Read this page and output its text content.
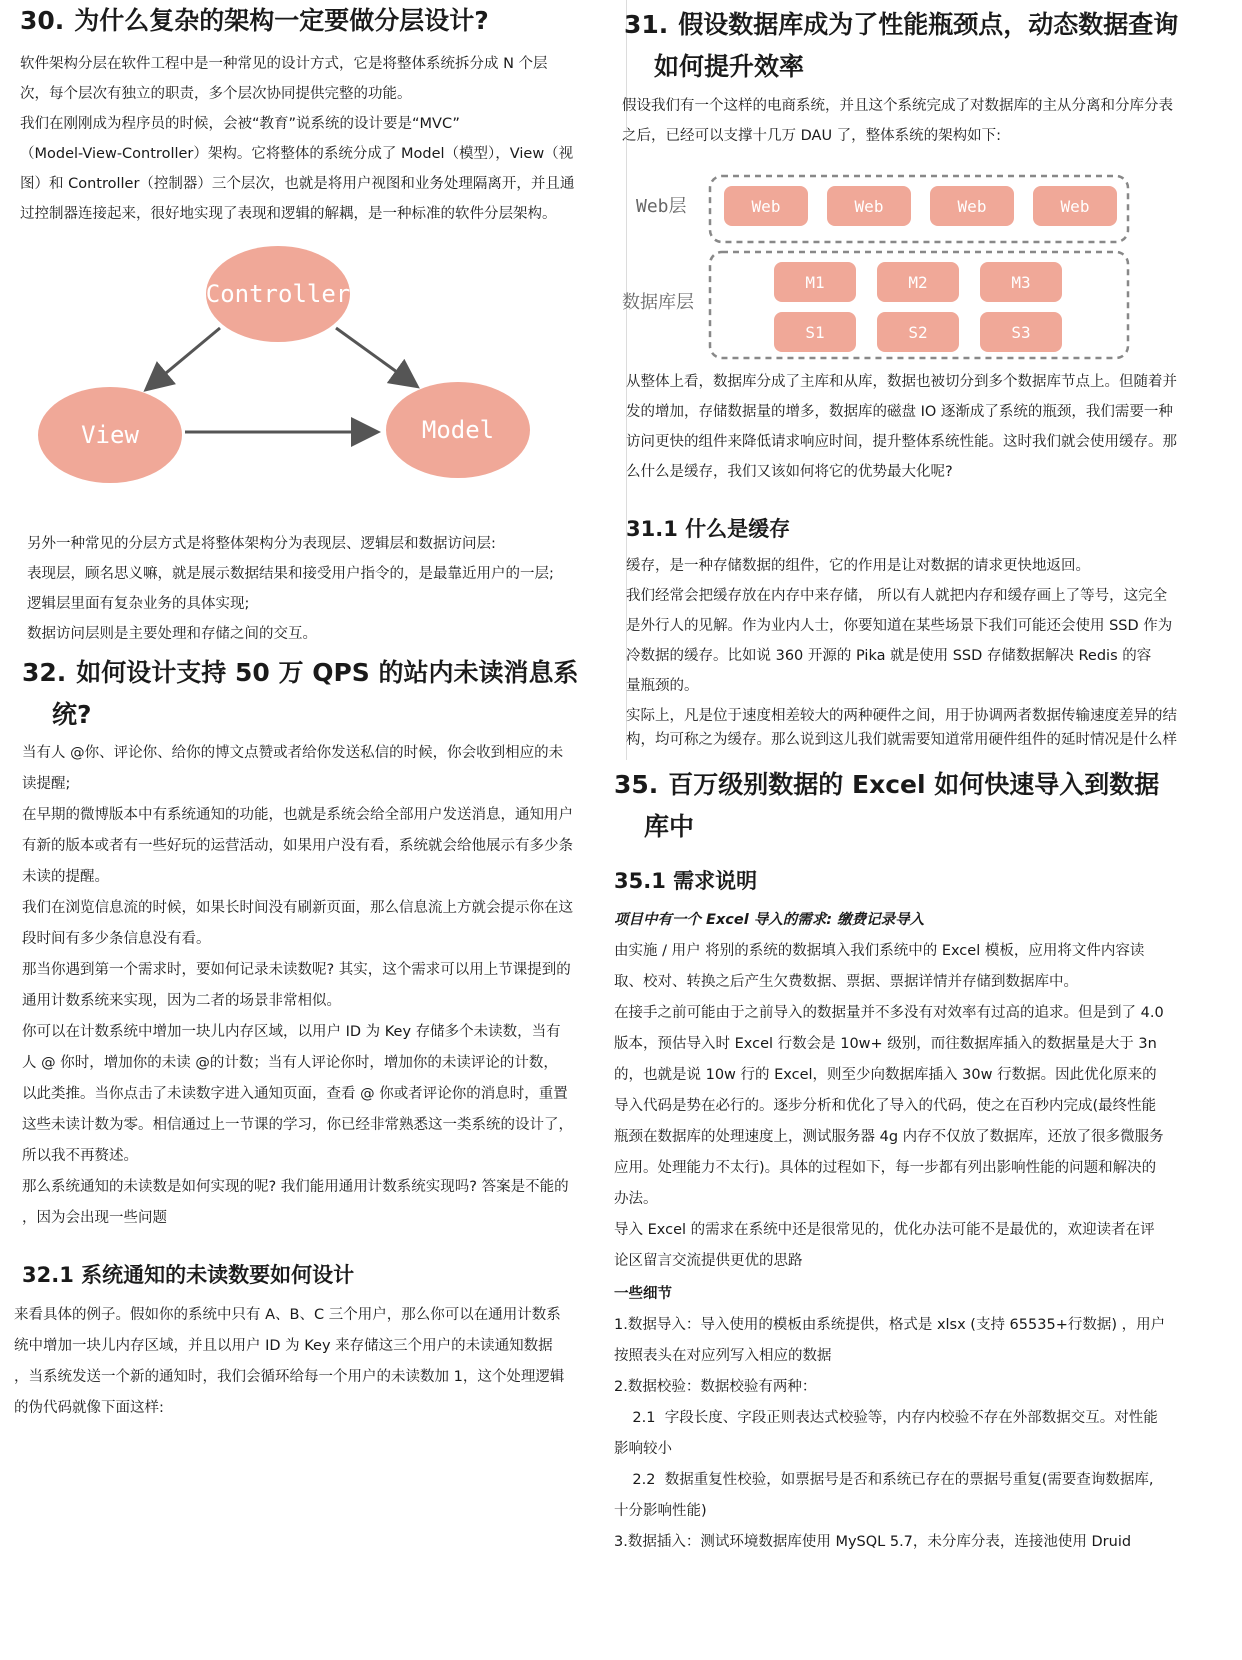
30. 为什么复杂的架构一定要做分层设计?

软件架构分层在软件工程中是一种常见的设计方式，它是将整体系统拆分成 N 个层

次，每个层次有独立的职责，多个层次协同提供完整的功能。

我们在刚刚成为程序员的时候，会被“教育”说系统的设计要是“MVC”

（Model-View-Controller）架构。它将整体的系统分成了 Model（模型），View（视

图）和 Controller（控制器）三个层次，也就是将用户视图和业务处理隔离开，并且通

过控制器连接起来，很好地实现了表现和逻辑的解耦，是一种标准的软件分层架构。

Controller
View	Model

另外一种常见的分层方式是将整体架构分为表现层、逻辑层和数据访问层:

表现层，顾名思义嘛，就是展示数据结果和接受用户指令的，是最靠近用户的一层;

逻辑层里面有复杂业务的具体实现;

数据访问层则是主要处理和存储之间的交互。

32. 如何设计支持 50 万 QPS 的站内未读消息系
统?

当有人 @你、评论你、给你的博文点赞或者给你发送私信的时候，你会收到相应的未

读提醒;

在早期的微博版本中有系统通知的功能，也就是系统会给全部用户发送消息，通知用户

有新的版本或者有一些好玩的运营活动，如果用户没有看，系统就会给他展示有多少条

未读的提醒。

我们在浏览信息流的时候，如果长时间没有刷新页面，那么信息流上方就会提示你在这

段时间有多少条信息没有看。

那当你遇到第一个需求时，要如何记录未读数呢? 其实，这个需求可以用上节课提到的

通用计数系统来实现，因为二者的场景非常相似。

你可以在计数系统中增加一块儿内存区域，以用户 ID 为 Key 存储多个未读数，当有

人 @ 你时，增加你的未读 @的计数；当有人评论你时，增加你的未读评论的计数，

以此类推。当你点击了未读数字进入通知页面，查看 @ 你或者评论你的消息时，重置

这些未读计数为零。相信通过上一节课的学习，你已经非常熟悉这一类系统的设计了，

所以我不再赘述。

那么系统通知的未读数是如何实现的呢? 我们能用通用计数系统实现吗? 答案是不能的

，因为会出现一些问题

32.1 系统通知的未读数要如何设计

来看具体的例子。假如你的系统中只有 A、B、C 三个用户，那么你可以在通用计数系

统中增加一块儿内存区域，并且以用户 ID 为 Key 来存储这三个用户的未读通知数据

，当系统发送一个新的通知时，我们会循环给每一个用户的未读数加 1，这个处理逻辑

的伪代码就像下面这样:

31. 假设数据库成为了性能瓶颈点，动态数据查询
如何提升效率

假设我们有一个这样的电商系统，并且这个系统完成了对数据库的主从分离和分库分表

之后，已经可以支撑十几万 DAU 了，整体系统的架构如下:

Web层
数据库层
Web	Web	Web	Web
M1	M2	M3
S1	S2	S3

从整体上看，数据库分成了主库和从库，数据也被切分到多个数据库节点上。但随着并

发的增加，存储数据量的增多，数据库的磁盘 IO 逐渐成了系统的瓶颈，我们需要一种

访问更快的组件来降低请求响应时间，提升整体系统性能。这时我们就会使用缓存。那

么什么是缓存，我们又该如何将它的优势最大化呢?

31.1 什么是缓存

缓存，是一种存储数据的组件，它的作用是让对数据的请求更快地返回。

我们经常会把缓存放在内存中来存储， 所以有人就把内存和缓存画上了等号，这完全

是外行人的见解。作为业内人士，你要知道在某些场景下我们可能还会使用 SSD 作为

冷数据的缓存。比如说 360 开源的 Pika 就是使用 SSD 存储数据解决 Redis 的容

量瓶颈的。

实际上，凡是位于速度相差较大的两种硬件之间，用于协调两者数据传输速度差异的结

构，均可称之为缓存。那么说到这儿我们就需要知道常用硬件组件的延时情况是什么样

35. 百万级别数据的 Excel 如何快速导入到数据
库中
35.1 需求说明

项目中有一个 Excel 导入的需求: 缴费记录导入

由实施 / 用户 将别的系统的数据填入我们系统中的 Excel 模板，应用将文件内容读

取、校对、转换之后产生欠费数据、票据、票据详情并存储到数据库中。

在接手之前可能由于之前导入的数据量并不多没有对效率有过高的追求。但是到了 4.0

版本，预估导入时 Excel 行数会是 10w+ 级别，而往数据库插入的数据量是大于 3n

的，也就是说 10w 行的 Excel，则至少向数据库插入 30w 行数据。因此优化原来的

导入代码是势在必行的。逐步分析和优化了导入的代码，使之在百秒内完成(最终性能

瓶颈在数据库的处理速度上，测试服务器 4g 内存不仅放了数据库，还放了很多微服务

应用。处理能力不太行)。具体的过程如下，每一步都有列出影响性能的问题和解决的

办法。

导入 Excel 的需求在系统中还是很常见的，优化办法可能不是最优的，欢迎读者在评

论区留言交流提供更优的思路

一些细节

1.数据导入：导入使用的模板由系统提供，格式是 xlsx (支持 65535+行数据) ，用户

按照表头在对应列写入相应的数据

2.数据校验：数据校验有两种：

2.1  字段长度、字段正则表达式校验等，内存内校验不存在外部数据交互。对性能

影响较小

2.2  数据重复性校验，如票据号是否和系统已存在的票据号重复(需要查询数据库,

十分影响性能)

3.数据插入：测试环境数据库使用 MySQL 5.7，未分库分表，连接池使用 Druid
